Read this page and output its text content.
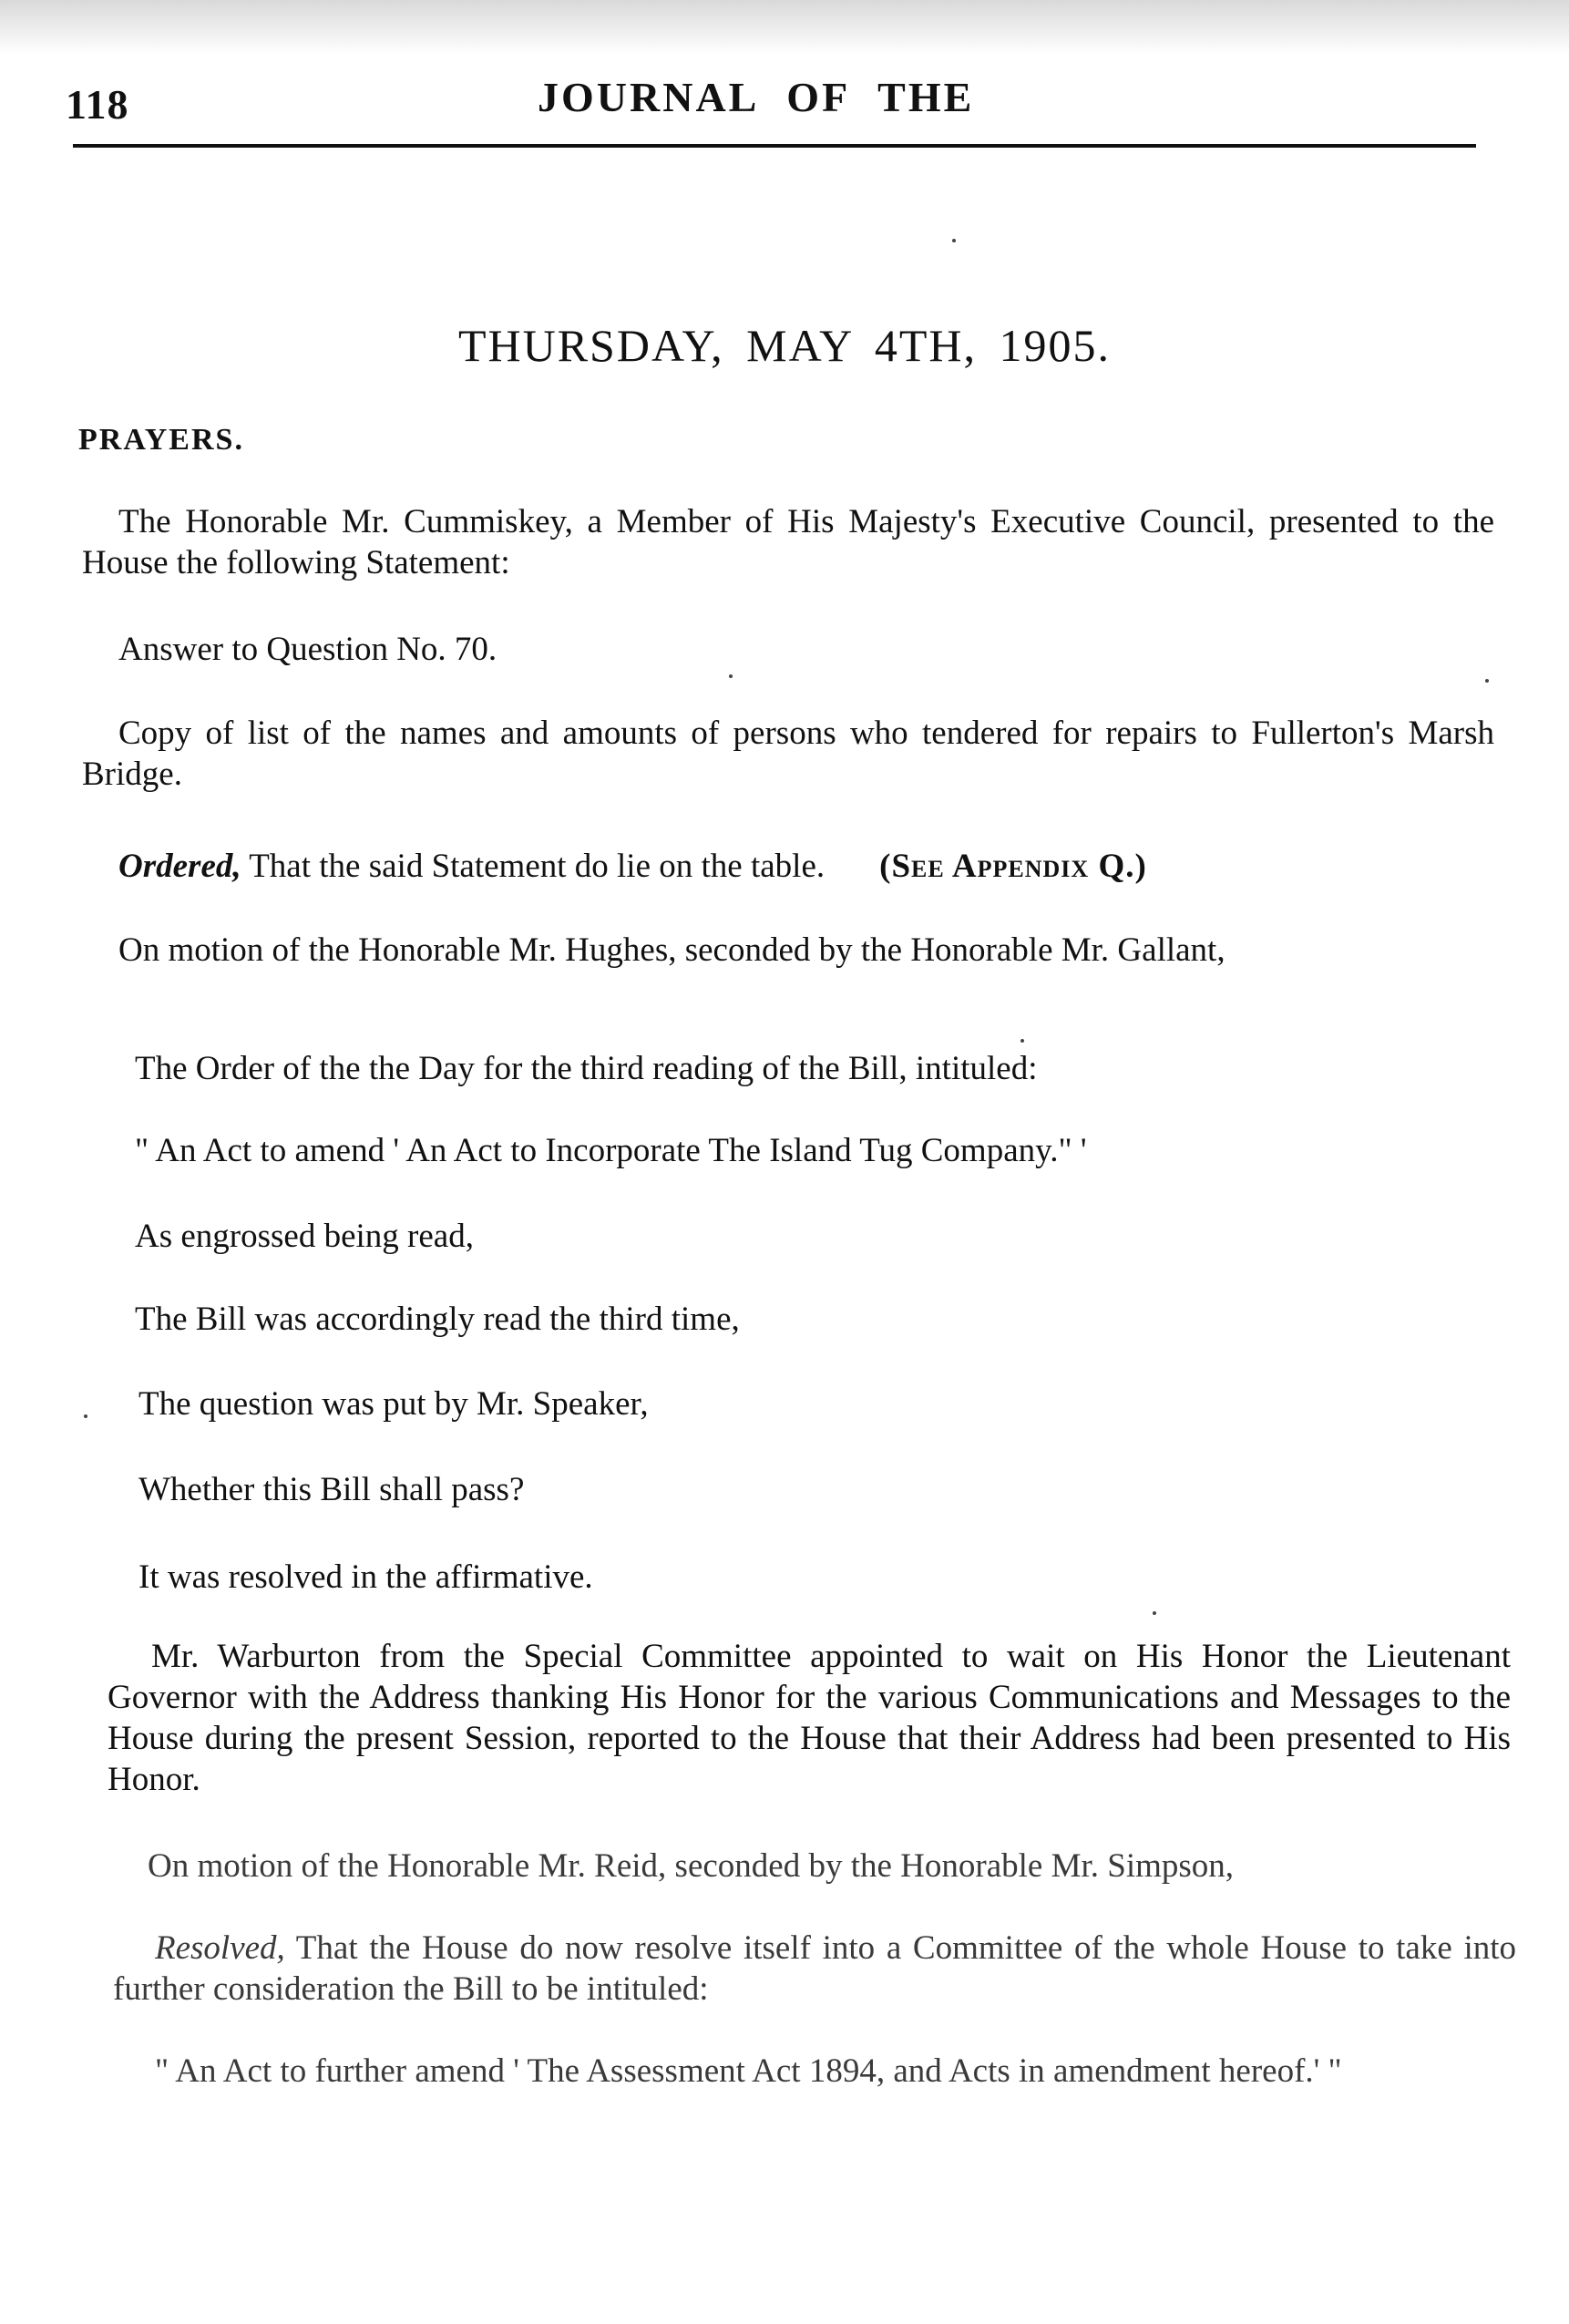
118	JOURNAL OF THE
THURSDAY, MAY 4TH, 1905.
PRAYERS.
The Honorable Mr. Cummiskey, a Member of His Majesty's Executive Council, presented to the House the following Statement:
Answer to Question No. 70.
Copy of list of the names and amounts of persons who tendered for repairs to Fullerton's Marsh Bridge.
Ordered, That the said Statement do lie on the table. (See Appendix Q.)
On motion of the Honorable Mr. Hughes, seconded by the Honorable Mr. Gallant,
The Order of the the Day for the third reading of the Bill, intituled:
" An Act to amend ' An Act to Incorporate The Island Tug Company." '
As engrossed being read,
The Bill was accordingly read the third time,
The question was put by Mr. Speaker,
Whether this Bill shall pass?
It was resolved in the affirmative.
Mr. Warburton from the Special Committee appointed to wait on His Honor the Lieutenant Governor with the Address thanking His Honor for the various Communications and Messages to the House during the present Session, reported to the House that their Address had been presented to His Honor.
On motion of the Honorable Mr. Reid, seconded by the Honorable Mr. Simpson,
Resolved, That the House do now resolve itself into a Committee of the whole House to take into further consideration the Bill to be intituled:
" An Act to further amend ' The Assessment Act 1894, and Acts in amendment hereof.' "
